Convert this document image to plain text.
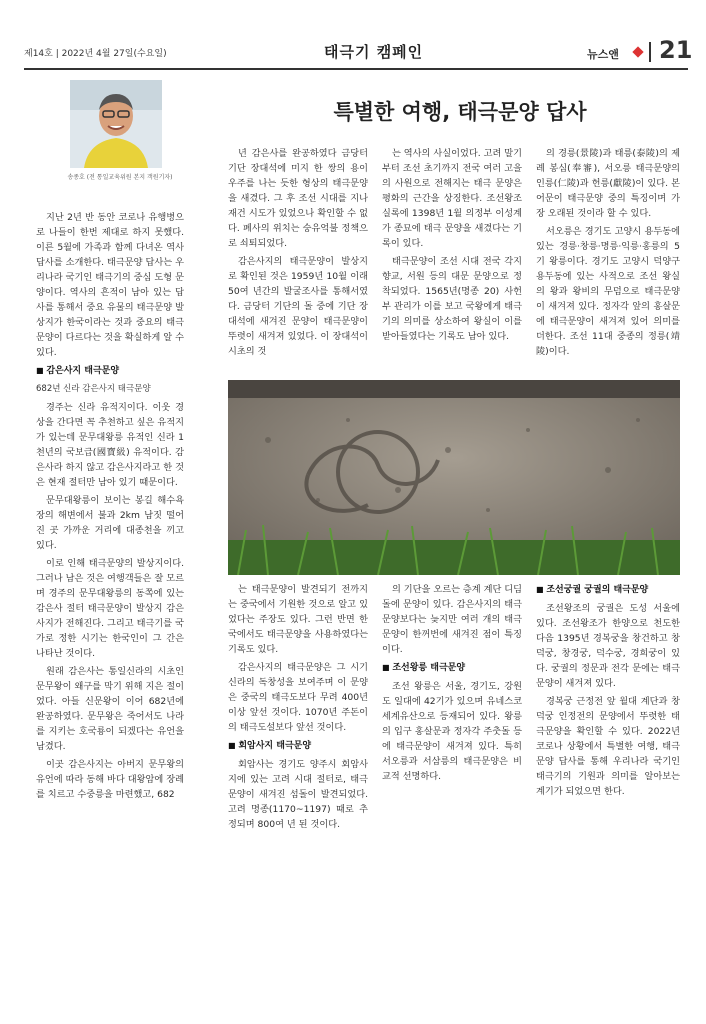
제14호 | 2022년 4월 27일(수요일)	태극기 캠페인	뉴스앤 21
송종호 (전 통일교육위원 본지 객원기자)
특별한 여행, 태극문양 답사

지난 2년 반 동안 코로나 유행병으로 나들이 한번 제대로 하지 못했다. 이른 5월에 가족과 함께 다녀온 역사 답사를 소개한다. 태극문양 답사는 우리나라 국기인 태극기의 중심 도형 문양이다. 역사의 흔적이 남아 있는 답사를 통해서 중요 유물의 태극문양 발상지가 한국이라는 것과 중요의 태극문양이 다르다는 것을 확실하게 알 수 있다.

■ 감은사지 태극문양

682년 신라 감은사지 태극문양

경주는 신라 유적지이다. 이웃 경상을 간다면 꼭 추천하고 싶은 유적지가 있는데 문무대왕릉 유적인 신라 1천년의 국보급(國寶級) 유적이다. 감은사라 하지 않고 감은사지라고 한 것은 현재 절터만 남아 있기 때문이다.

문무대왕릉이 보이는 봉길 해수욕장의 해변에서 불과 2km 남짓 떨어진 곳 가까운 거리에 대종천을 끼고 있다.

이로 인해 태극문양의 발상지이다. 그러나 남은 것은 여행객들은 잘 모르며 경주의 문무대왕릉의 동쪽에 있는 감은사 절터 태극문양이 발상지 감은사지가 전해진다. 그리고 태극기를 국가로 정한 시기는 한국인이 그 간은 나타난 것이다.

원래 감은사는 통일신라의 시초인 문무왕이 왜구를 막기 위해 지은 절이었다. 아들 신문왕이 이어 682년에 완공하였다. 문무왕은 죽어서도 나라를 지키는 호국룡이 되겠다는 유언을 남겼다.

이곳 감은사지는 아버지 문무왕의 유언에 따라 동해 바다 대왕암에 장례를 치르고 수중릉을 마련했고, 682

년 감은사를 완공하였다 금당터 기단 장대석에 미지 한 쌍의 용이 우주를 나는 듯한 형상의 태극문양을 새겼다. 그 후 조선 시대를 지나 재건 시도가 있었으나 확인할 수 없다. 폐사의 위치는 숭유억불 정책으로 쇠퇴되었다.

감은사지의 태극문양이 발상지로 확인된 것은 1959년 10월 이래 50여 년간의 발굴조사를 통해서였다. 금당터 기단의 돌 중에 기단 장대석에 새겨진 문양이 태극문양이 뚜렷이 새겨져 있었다. 이 장대석이 시초의 것

는 역사의 사실이었다. 고려 말기부터 조선 초기까지 전국 여러 고을의 사원으로 전해지는 태극 문양은 평화의 근간을 상징한다. 조선왕조실록에 1398년 1월 의정부 이성계가 종묘에 태극 문양을 새겼다는 기록이 있다.

태극문양이 조선 시대 전국 각지 향교, 서원 등의 대문 문양으로 정착되었다. 1565년(명종 20) 사헌부 관리가 이를 보고 국왕에게 태극기의 의미를 상소하여 왕실이 이를 받아들였다는 기록도 남아 있다.

의 경릉(景陵)과 태릉(泰陵)의 제례 봉심(奉審), 서오릉 태극문양의 인릉(仁陵)과 헌릉(獻陵)이 있다. 본어문이 태극문양 중의 특징이며 가장 오래된 것이라 할 수 있다.

서오릉은 경기도 고양시 용두동에 있는 경릉·창릉·명릉·익릉·홍릉의 5기 왕릉이다. 경기도 고양시 덕양구 용두동에 있는 사적으로 조선 왕실의 왕과 왕비의 무덤으로 태극문양이 새겨져 있다. 정자각 앞의 홍살문에 태극문양이 새겨져 있어 의미를 더한다. 조선 11대 중종의 정릉(靖陵)이다.

는 태극문양이 발견되기 전까지는 중국에서 기원한 것으로 알고 있었다는 주장도 있다. 그런 반면 한국에서도 태극문양을 사용하였다는 기록도 있다.

감은사지의 태극문양은 그 시기 신라의 독창성을 보여주며 이 문양은 중국의 태극도보다 무려 400년 이상 앞선 것이다. 1070년 주돈이의 태극도설보다 앞선 것이다.

■ 회암사지 태극문양

회암사는 경기도 양주시 회암사지에 있는 고려 시대 절터로, 태극문양이 새겨진 섬돌이 발견되었다. 고려 명종(1170~1197) 때로 추정되며 800여 년 된 것이다.

의 기단을 오르는 층계 계단 디딤돌에 문양이 있다. 감은사지의 태극문양보다는 늦지만 여러 개의 태극문양이 한꺼번에 새겨진 점이 특징이다.

■ 조선왕릉 태극문양

조선 왕릉은 서울, 경기도, 강원도 일대에 42기가 있으며 유네스코 세계유산으로 등재되어 있다. 왕릉의 입구 홍살문과 정자각 주춧돌 등에 태극문양이 새겨져 있다. 특히 서오릉과 서삼릉의 태극문양은 비교적 선명하다.

■ 조선궁궐 궁궐의 태극문양

조선왕조의 궁궐은 도성 서울에 있다. 조선왕조가 한양으로 천도한 다음 1395년 경복궁을 창건하고 창덕궁, 창경궁, 덕수궁, 경희궁이 있다. 궁궐의 정문과 전각 문에는 태극문양이 새겨져 있다.

경복궁 근정전 앞 월대 계단과 창덕궁 인정전의 문양에서 뚜렷한 태극문양을 확인할 수 있다. 2022년 코로나 상황에서 특별한 여행, 태극문양 답사를 통해 우리나라 국기인 태극기의 기원과 의미를 알아보는 계기가 되었으면 한다.
